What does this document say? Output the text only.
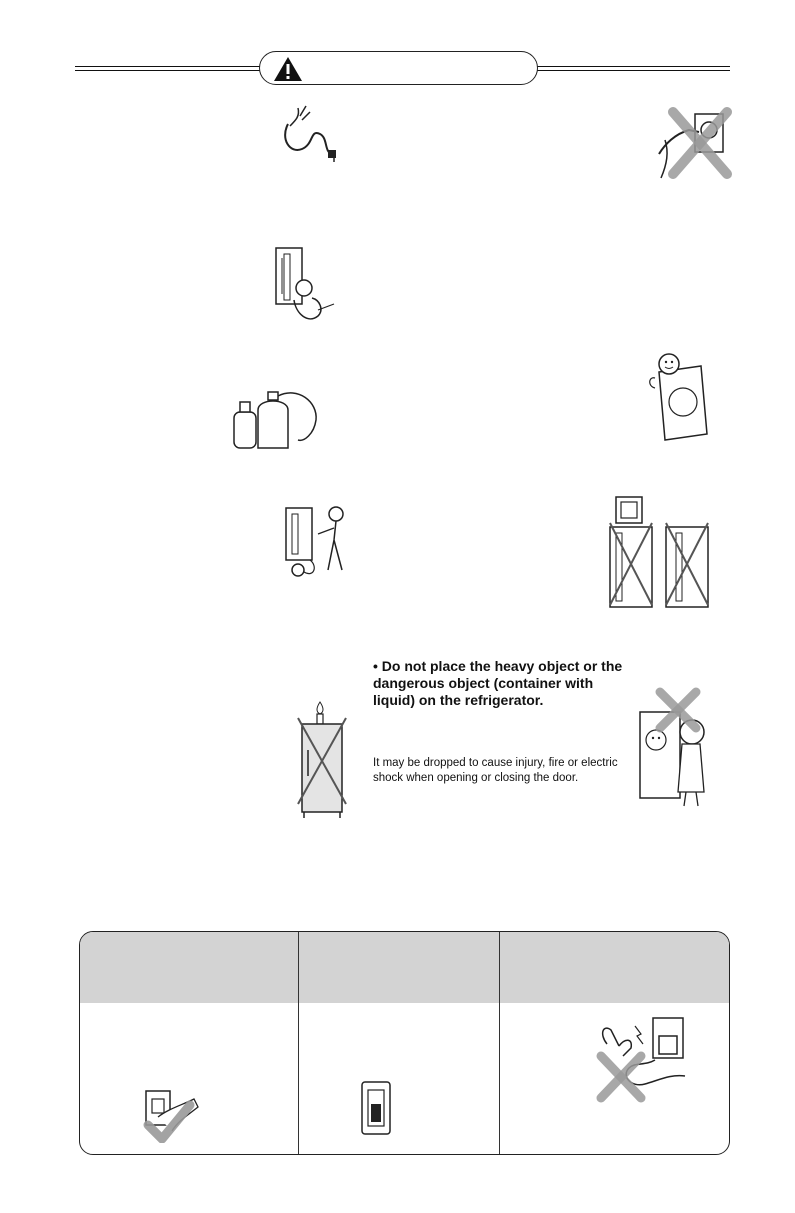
• Do not place the heavy object or the dangerous object (container with liquid) on the refrigerator.

It may be dropped to cause injury, fire or electric shock when opening or closing the door.
